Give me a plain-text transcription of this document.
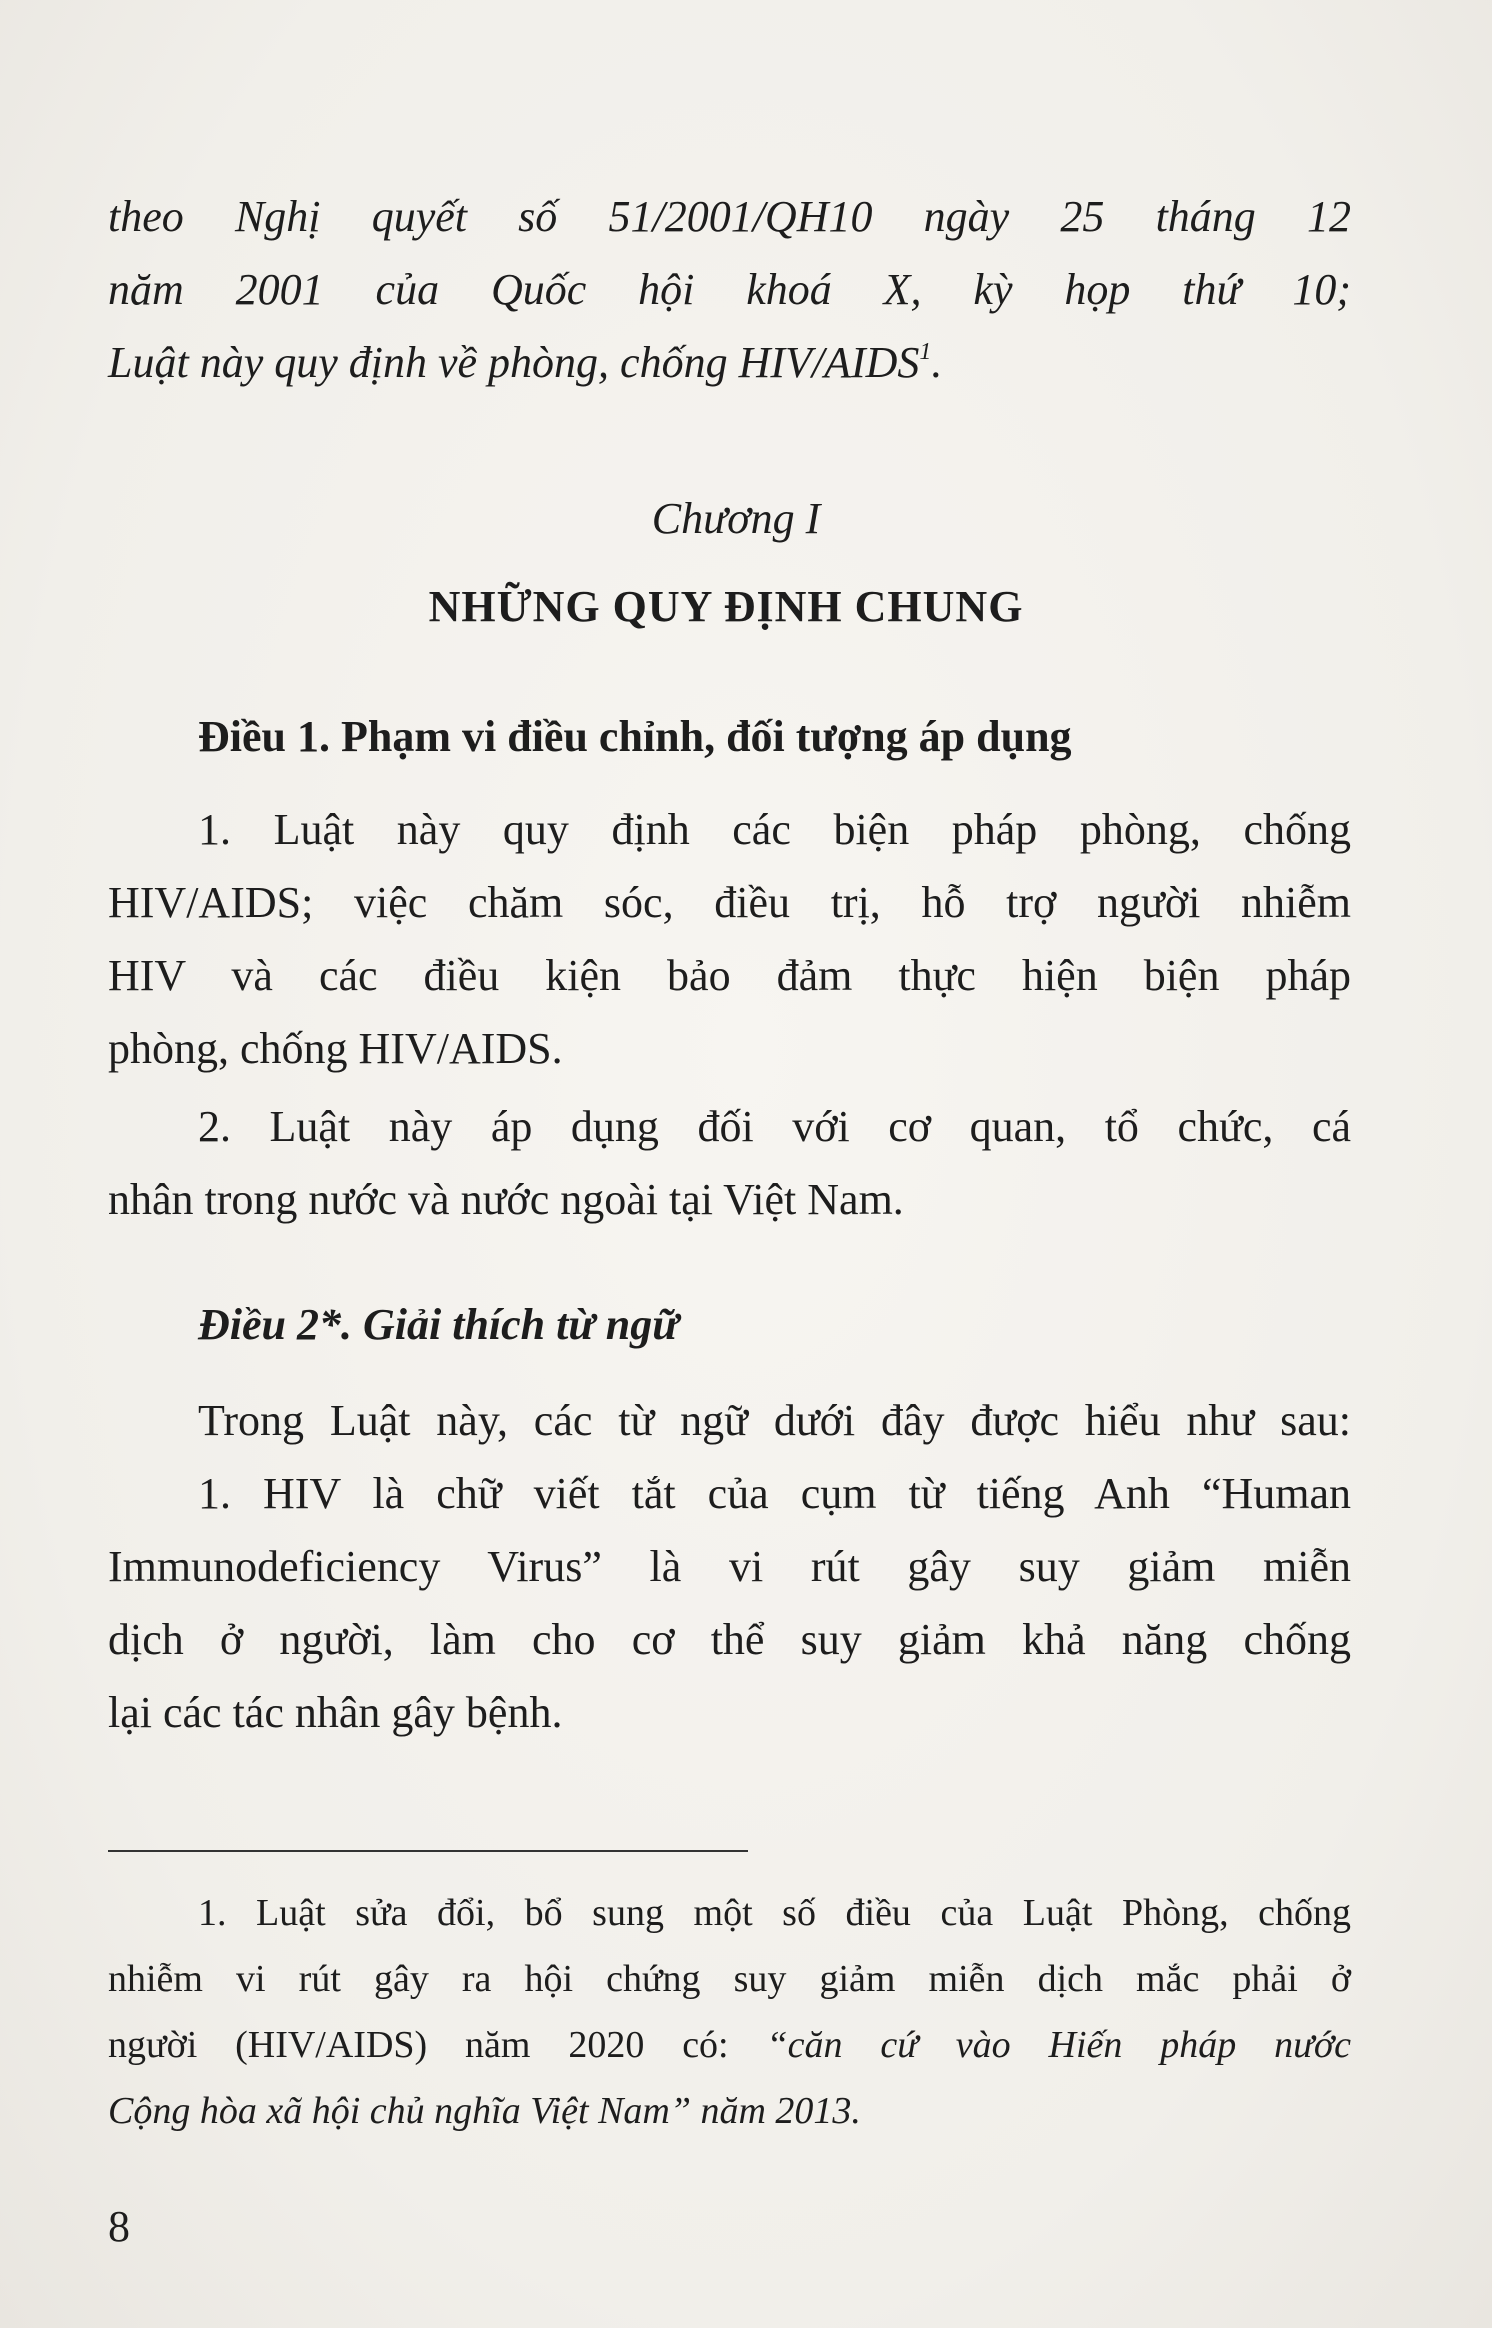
theo Nghị quyết số 51/2001/QH10 ngày 25 tháng 12
năm 2001 của Quốc hội khoá X, kỳ họp thứ 10;
Luật này quy định về phòng, chống HIV/AIDS$^1$.
Chương I
NHỮNG QUY ĐỊNH CHUNG
Điều 1. Phạm vi điều chỉnh, đối tượng áp dụng
1. Luật này quy định các biện pháp phòng, chống
HIV/AIDS; việc chăm sóc, điều trị, hỗ trợ người nhiễm
HIV và các điều kiện bảo đảm thực hiện biện pháp
phòng, chống HIV/AIDS.
2. Luật này áp dụng đối với cơ quan, tổ chức, cá
nhân trong nước và nước ngoài tại Việt Nam.
Điều 2*. Giải thích từ ngữ
Trong Luật này, các từ ngữ dưới đây được hiểu như sau:
1. HIV là chữ viết tắt của cụm từ tiếng Anh “Human
Immunodeficiency Virus” là vi rút gây suy giảm miễn
dịch ở người, làm cho cơ thể suy giảm khả năng chống
lại các tác nhân gây bệnh.
1. Luật sửa đổi, bổ sung một số điều của Luật Phòng, chống
nhiễm vi rút gây ra hội chứng suy giảm miễn dịch mắc phải ở
người (HIV/AIDS) năm 2020 có: “căn cứ vào Hiến pháp nước
Cộng hòa xã hội chủ nghĩa Việt Nam” năm 2013.
8
